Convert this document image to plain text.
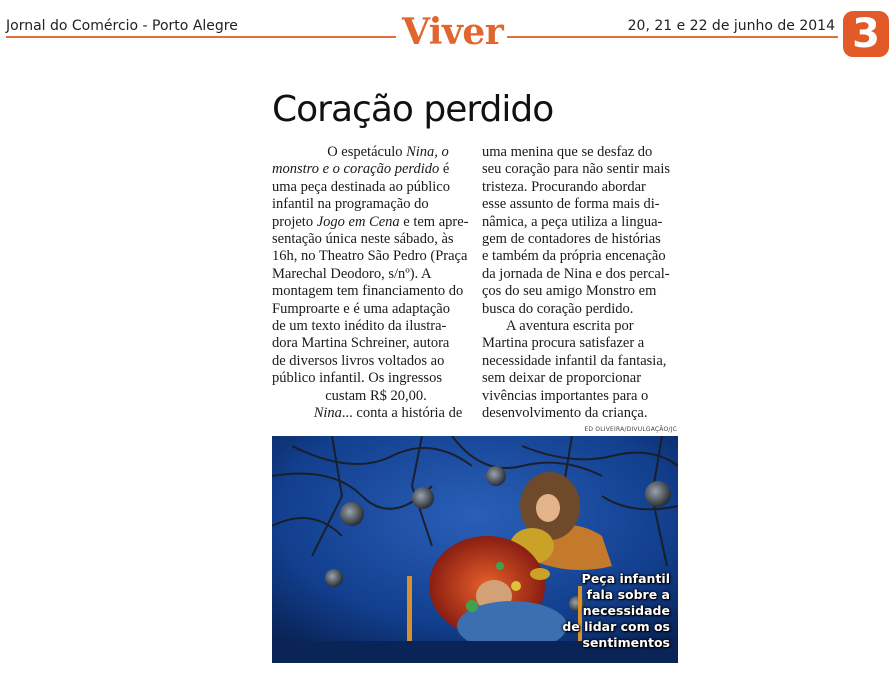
Jornal do Comércio - Porto Alegre	Viver	20, 21 e 22 de junho de 2014 3
Coração perdido

O espetáculo Nina, o
monstro e o coração perdido é
uma peça destinada ao público
infantil na programação do
projeto Jogo em Cena e tem apre-
sentação única neste sábado, às
16h, no Theatro São Pedro (Praça
Marechal Deodoro, s/nº). A
montagem tem financiamento do
Fumproarte e é uma adaptação
de um texto inédito da ilustra-
dora Martina Schreiner, autora
de diversos livros voltados ao
público infantil. Os ingressos
custam R$ 20,00.

Nina... conta a história de

uma menina que se desfaz do
seu coração para não sentir mais
tristeza. Procurando abordar
esse assunto de forma mais di-
nâmica, a peça utiliza a lingua-
gem de contadores de histórias
e também da própria encenação
da jornada de Nina e dos percal-
ços do seu amigo Monstro em
busca do coração perdido.

A aventura escrita por
Martina procura satisfazer a
necessidade infantil da fantasia,
sem deixar de proporcionar
vivências importantes para o
desenvolvimento da criança.

ED OLIVEIRA/DIVULGAÇÃO/JC
Peça infantil
fala sobre a
necessidade
de lidar com os
sentimentos
